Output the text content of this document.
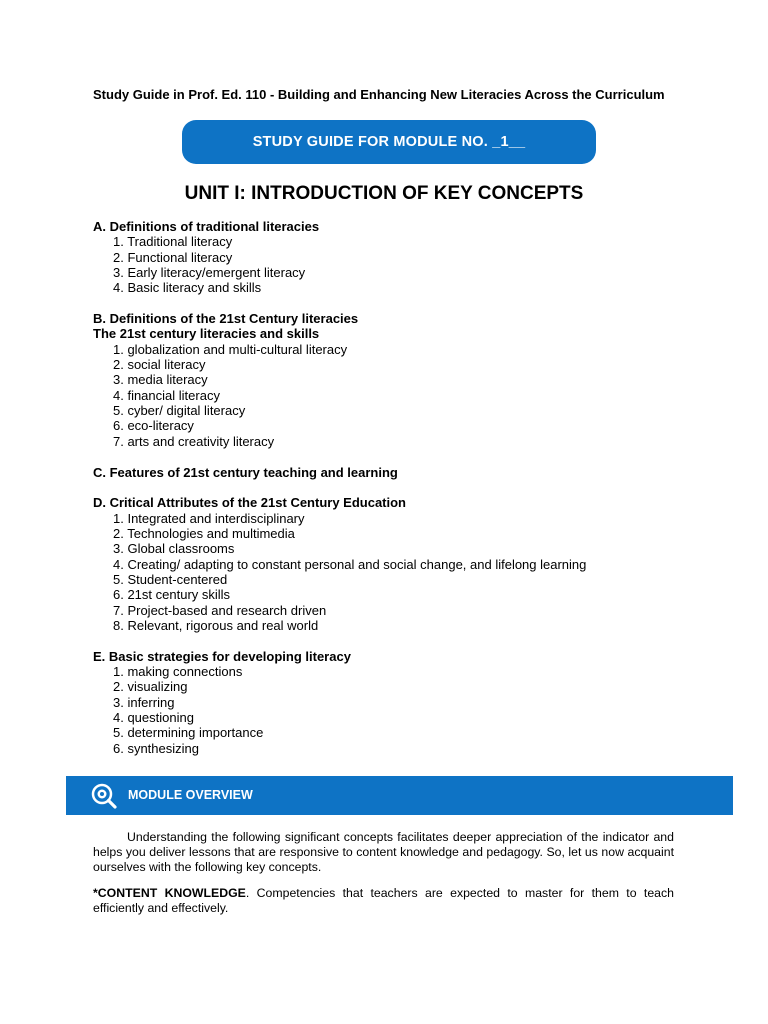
Study Guide in Prof. Ed. 110 - Building and Enhancing New Literacies Across the Curriculum
STUDY GUIDE FOR MODULE NO. _1__
UNIT I: INTRODUCTION OF KEY CONCEPTS

A. Definitions of traditional literacies

1. Traditional literacy
2. Functional literacy
3. Early literacy/emergent literacy
4. Basic literacy and skills

B. Definitions of the 21st Century literacies

The 21st century literacies and skills

1. globalization and multi-cultural literacy
2. social literacy
3. media literacy
4. financial literacy
5. cyber/ digital literacy
6. eco-literacy
7. arts and creativity literacy

C. Features of 21st century teaching and learning

D. Critical Attributes of the 21st Century Education

1. Integrated and interdisciplinary
2. Technologies and multimedia
3. Global classrooms
4. Creating/ adapting to constant personal and social change, and lifelong learning
5. Student-centered
6. 21st century skills
7. Project-based and research driven
8. Relevant, rigorous and real world

E. Basic strategies for developing literacy

1. making connections
2. visualizing
3. inferring
4. questioning
5. determining importance
6. synthesizing
MODULE OVERVIEW

Understanding the following significant concepts facilitates deeper appreciation of the indicator and helps you deliver lessons that are responsive to content knowledge and pedagogy. So, let us now acquaint ourselves with the following key concepts.

*CONTENT KNOWLEDGE. Competencies that teachers are expected to master for them to teach efficiently and effectively.
